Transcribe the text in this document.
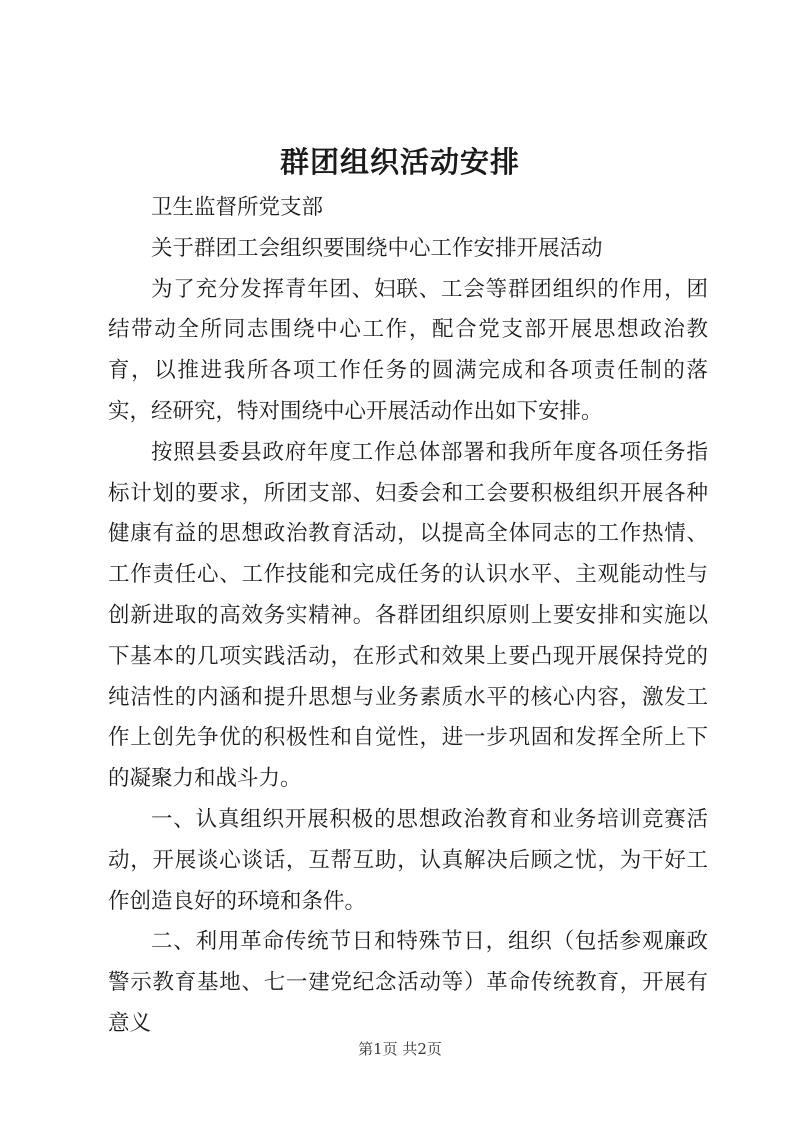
群团组织活动安排

卫生监督所党支部

关于群团工会组织要围绕中心工作安排开展活动

为了充分发挥青年团、妇联、工会等群团组织的作用，团结带动全所同志围绕中心工作，配合党支部开展思想政治教育，以推进我所各项工作任务的圆满完成和各项责任制的落实，经研究，特对围绕中心开展活动作出如下安排。

按照县委县政府年度工作总体部署和我所年度各项任务指标计划的要求，所团支部、妇委会和工会要积极组织开展各种健康有益的思想政治教育活动，以提高全体同志的工作热情、工作责任心、工作技能和完成任务的认识水平、主观能动性与创新进取的高效务实精神。各群团组织原则上要安排和实施以下基本的几项实践活动，在形式和效果上要凸现开展保持党的纯洁性的内涵和提升思想与业务素质水平的核心内容，激发工作上创先争优的积极性和自觉性，进一步巩固和发挥全所上下的凝聚力和战斗力。

一、认真组织开展积极的思想政治教育和业务培训竞赛活动，开展谈心谈话，互帮互助，认真解决后顾之忧，为干好工作创造良好的环境和条件。

二、利用革命传统节日和特殊节日，组织（包括参观廉政警示教育基地、七一建党纪念活动等）革命传统教育，开展有意义

第1页 共2页
